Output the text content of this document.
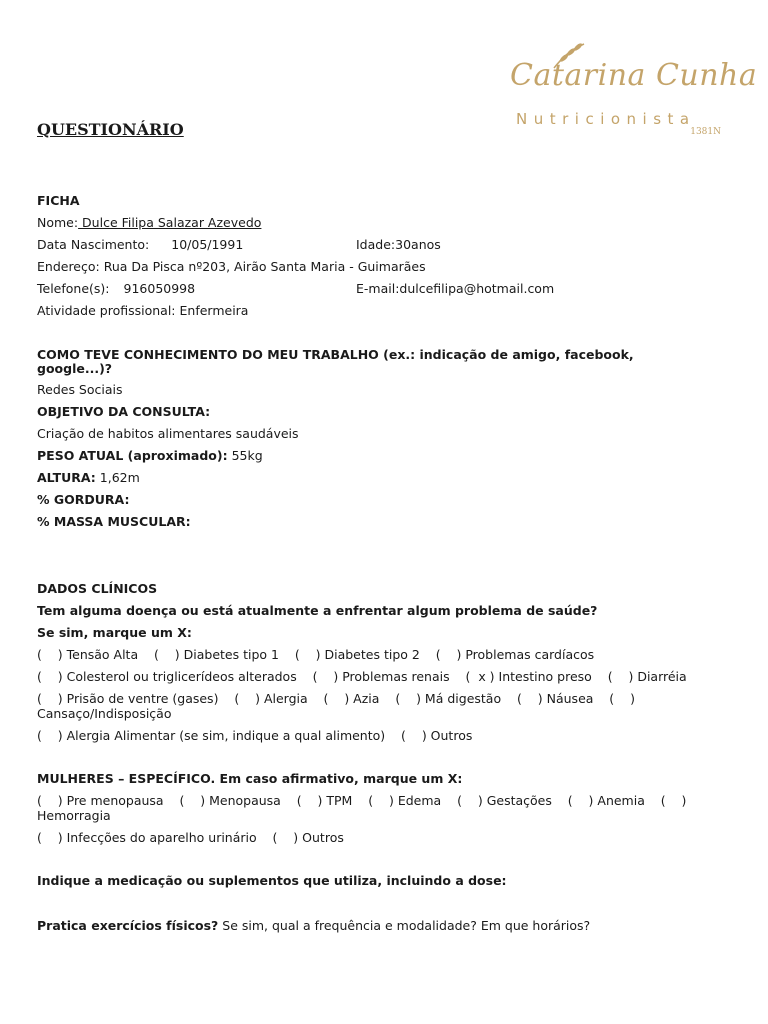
Catarina Cunha
Nutricionista
1381N
QUESTIONÁRIO

FICHA

Nome: Dulce Filipa Salazar Azevedo

Data Nascimento: 10/05/1991	Idade:30anos

Endereço: Rua Da Pisca nº203, Airão Santa Maria - Guimarães

Telefone(s): 916050998	E-mail:dulcefilipa@hotmail.com

Atividade profissional: Enfermeira

COMO TEVE CONHECIMENTO DO MEU TRABALHO (ex.: indicação de amigo, facebook, google...)?

Redes Sociais

OBJETIVO DA CONSULTA:

Criação de habitos alimentares saudáveis

PESO ATUAL (aproximado): 55kg

ALTURA: 1,62m

% GORDURA:

% MASSA MUSCULAR:

DADOS CLÍNICOS

Tem alguma doença ou está atualmente a enfrentar algum problema de saúde?

Se sim, marque um X:

(    ) Tensão Alta    (    ) Diabetes tipo 1    (    ) Diabetes tipo 2    (    ) Problemas cardíacos

(    ) Colesterol ou triglicerídeos alterados    (    ) Problemas renais    (  x ) Intestino preso    (    ) Diarréia

(    ) Prisão de ventre (gases)    (    ) Alergia    (    ) Azia    (    ) Má digestão    (    ) Náusea    (    )

Cansaço/Indisposição

(    ) Alergia Alimentar (se sim, indique a qual alimento)    (    ) Outros

MULHERES – ESPECÍFICO. Em caso afirmativo, marque um X:

(    ) Pre menopausa    (    ) Menopausa    (    ) TPM    (    ) Edema    (    ) Gestações    (    ) Anemia    (    )

Hemorragia

(    ) Infecções do aparelho urinário    (    ) Outros

Indique a medicação ou suplementos que utiliza, incluindo a dose:

Pratica exercícios físicos? Se sim, qual a frequência e modalidade? Em que horários?
